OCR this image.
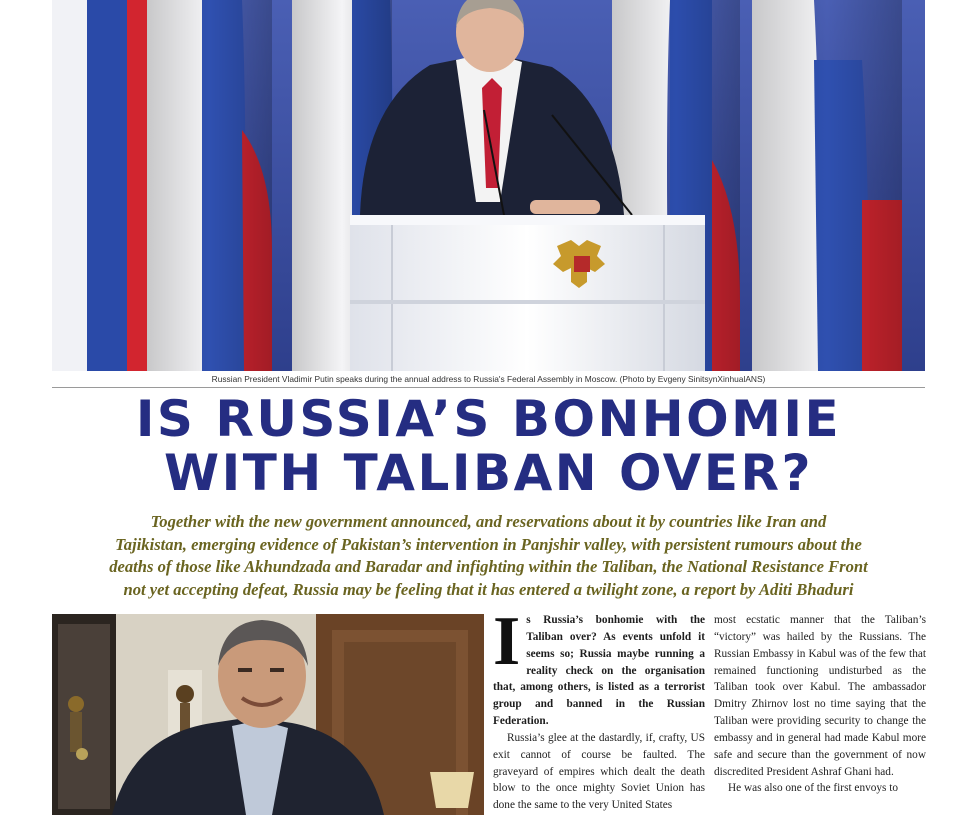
Russian President Vladimir Putin speaks during the annual address to Russia's Federal Assembly in Moscow. (Photo by Evgeny SinitsynXinhualANS)
IS RUSSIA’S BONHOMIE
WITH TALIBAN OVER?
Together with the new government announced, and reservations about it by countries like Iran and
Tajikistan, emerging evidence of Pakistan’s intervention in Panjshir valley, with persistent rumours about the
deaths of those like Akhundzada and Baradar and infighting within the Taliban, the National Resistance Front
not yet accepting defeat, Russia may be feeling that it has entered a twilight zone, a report by Aditi Bhaduri
I s Russia’s bonhomie with the Taliban over? As events unfold it seems so; Russia maybe running a reality check on the organisation that, among others, is listed as a terrorist group and banned in the Russian Federation.

Russia’s glee at the dastardly, if, crafty, US exit cannot of course be faulted. The graveyard of empires which dealt the death blow to the once mighty Soviet Union has done the same to the very United States

most ecstatic manner that the Taliban’s “victory” was hailed by the Russians. The Russian Embassy in Kabul was of the few that remained functioning undisturbed as the Taliban took over Kabul. The ambassador Dmitry Zhirnov lost no time saying that the Taliban were providing security to change the embassy and in general had made Kabul more safe and secure than the government of now discredited President Ashraf Ghani had.

He was also one of the first envoys to
